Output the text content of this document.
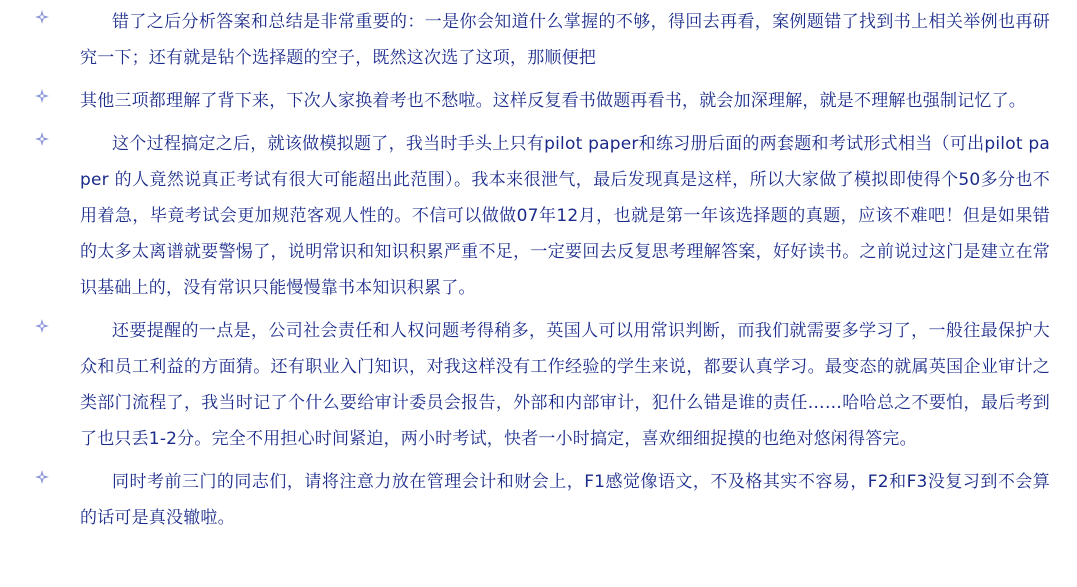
错了之后分析答案和总结是非常重要的：一是你会知道什么掌握的不够，得回去再看，案例题错了找到书上相关举例也再研究一下；还有就是钻个选择题的空子，既然这次选了这项，那顺便把
其他三项都理解了背下来，下次人家换着考也不愁啦。这样反复看书做题再看书，就会加深理解，就是不理解也强制记忆了。
这个过程搞定之后，就该做模拟题了，我当时手头上只有pilot paper和练习册后面的两套题和考试形式相当（可出pilot paper 的人竟然说真正考试有很大可能超出此范围）。我本来很泄气，最后发现真是这样，所以大家做了模拟即使得个50多分也不用着急，毕竟考试会更加规范客观人性的。不信可以做做07年12月，也就是第一年该选择题的真题，应该不难吧！但是如果错的太多太离谱就要警惕了，说明常识和知识积累严重不足，一定要回去反复思考理解答案，好好读书。之前说过这门是建立在常识基础上的，没有常识只能慢慢靠书本知识积累了。
还要提醒的一点是，公司社会责任和人权问题考得稍多，英国人可以用常识判断，而我们就需要多学习了，一般往最保护大众和员工利益的方面猜。还有职业入门知识，对我这样没有工作经验的学生来说，都要认真学习。最变态的就属英国企业审计之类部门流程了，我当时记了个什么要给审计委员会报告，外部和内部审计，犯什么错是谁的责任……哈哈总之不要怕，最后考到了也只丢1-2分。完全不用担心时间紧迫，两小时考试，快者一小时搞定，喜欢细细捉摸的也绝对悠闲得答完。
同时考前三门的同志们，请将注意力放在管理会计和财会上，F1感觉像语文，不及格其实不容易，F2和F3没复习到不会算的话可是真没辙啦。
